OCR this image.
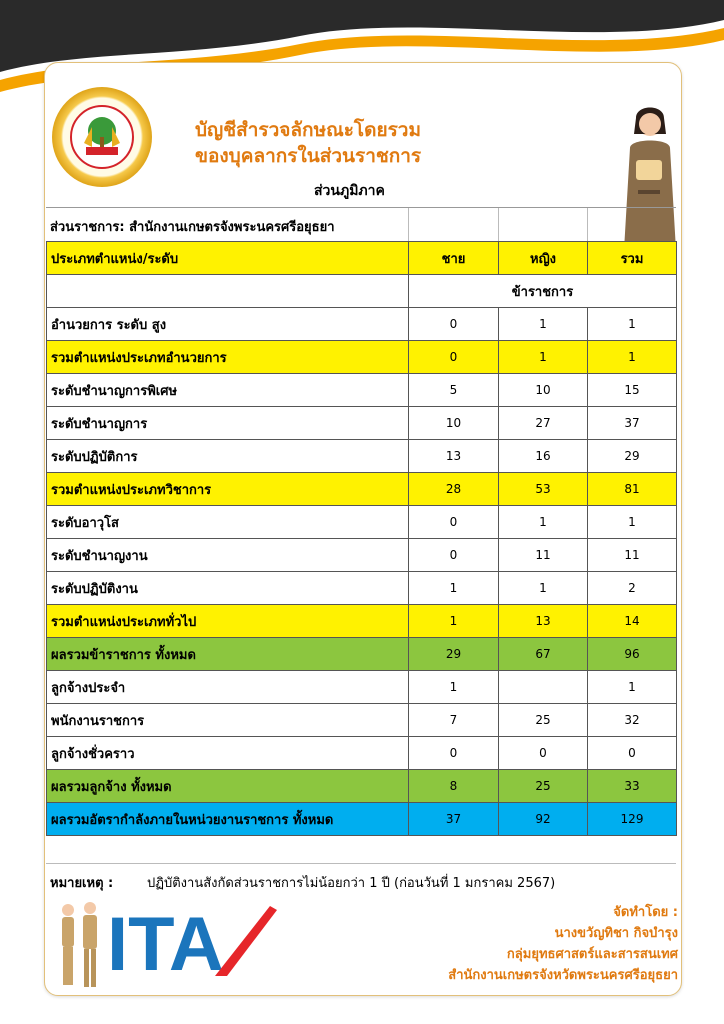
บัญชีสำรวจลักษณะโดยรวม
ของบุคลากรในส่วนราชการ
ส่วนภูมิภาค
ส่วนราชการ: สำนักงานเกษตรจังพระนครศรีอยุธยา
ประเภทตำแหน่ง/ระดับ	ชาย	หญิง	รวม
	ข้าราชการ		
อำนวยการ ระดับ สูง	0	1	1
รวมตำแหน่งประเภทอำนวยการ	0	1	1
ระดับชำนาญการพิเศษ	5	10	15
ระดับชำนาญการ	10	27	37
ระดับปฏิบัติการ	13	16	29
รวมตำแหน่งประเภทวิชาการ	28	53	81
ระดับอาวุโส	0	1	1
ระดับชำนาญงาน	0	11	11
ระดับปฏิบัติงาน	1	1	2
รวมตำแหน่งประเภททั่วไป	1	13	14
ผลรวมข้าราชการ ทั้งหมด	29	67	96
ลูกจ้างประจำ	1		1
พนักงานราชการ	7	25	32
ลูกจ้างชั่วคราว	0	0	0
ผลรวมลูกจ้าง ทั้งหมด	8	25	33
ผลรวมอัตรากำลังภายในหน่วยงานราชการ ทั้งหมด	37	92	129
หมายเหตุ :	ปฏิบัติงานสังกัดส่วนราชการไม่น้อยกว่า 1 ปี (ก่อนวันที่ 1 มกราคม 2567)
ITA	จัดทำโดย :
นางขวัญทิชา กิจบำรุง
กลุ่มยุทธศาสตร์และสารสนเทศ
สำนักงานเกษตรจังหวัดพระนครศรีอยุธยา
